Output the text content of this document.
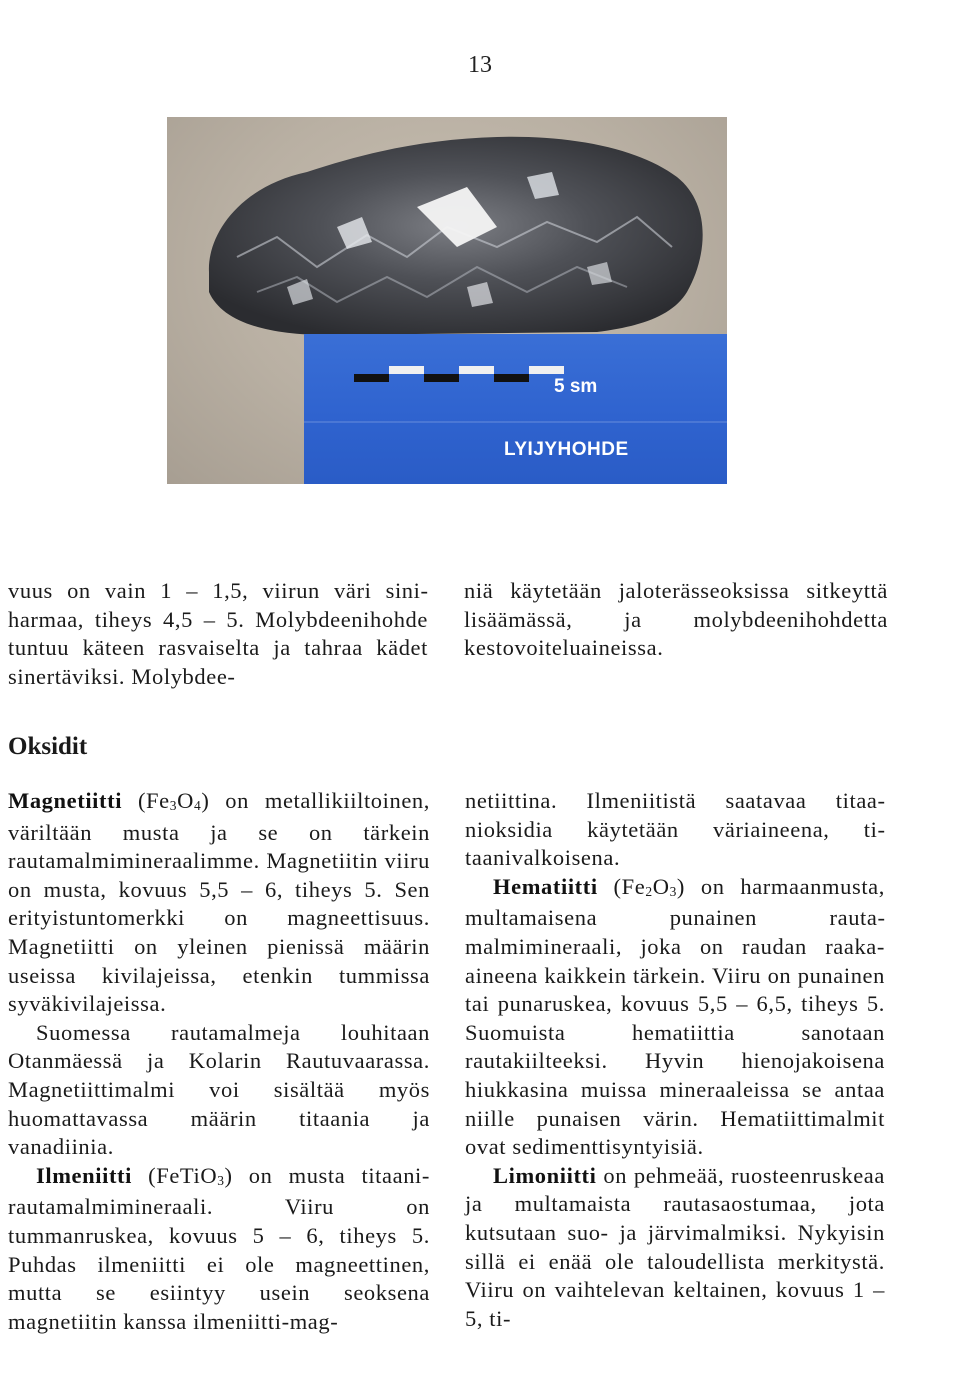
13
5 sm
LYIJYHOHDE

vuus on vain 1 – 1,5, viirun väri siniharmaa, tiheys 4,5 – 5. Molybdeenihohde tuntuu käteen rasvaiselta ja tahraa kädet sinertäviksi. Molybdee-

niä käytetään jaloterässeoksissa sitkeyttä lisäämässä, ja molybdeenihohdetta kestovoiteluaineissa.

Oksidit

Magnetiitti $(Fe_3O_4)$ on metallikiiltoinen, väriltään musta ja se on tärkein rautamalmimineraalimme. Magnetiitin viiru on musta, kovuus 5,5 – 6, tiheys 5. Sen erityistuntomerkki on magneettisuus. Magnetiitti on yleinen pienissä määrin useissa kivilajeissa, etenkin tummissa syväkivilajeissa.

Suomessa rautamalmeja louhitaan Otanmäessä ja Kolarin Rautuvaarassa. Magnetiittimalmi voi sisältää myös huomattavassa määrin titaania ja vanadiinia.

Ilmeniitti (FeTiO$_3$) on musta titaani-rautamalmimineraali. Viiru on tummanruskea, kovuus 5 – 6, tiheys 5. Puhdas ilmeniitti ei ole magneettinen, mutta se esiintyy usein seoksena magnetiitin kanssa ilmeniitti-mag-

netiittina. Ilmeniitistä saatavaa titaanioksidia käytetään väriaineena, titaanivalkoisena.

Hematiitti $(Fe_2O_3)$ on harmaanmusta, multamaisena punainen rautamalmimineraali, joka on raudan raaka-aineena kaikkein tärkein. Viiru on punainen tai punaruskea, kovuus 5,5 – 6,5, tiheys 5. Suomuista hematiittia sanotaan rautakiilteeksi. Hyvin hienojakoisena hiukkasina muissa mineraaleissa se antaa niille punaisen värin. Hematiittimalmit ovat sedimenttisyntyisiä.

Limoniitti on pehmeää, ruosteenruskeaa ja multamaista rautasaostumaa, jota kutsutaan suo- ja järvimalmiksi. Nykyisin sillä ei enää ole taloudellista merkitystä. Viiru on vaihtelevan keltainen, kovuus 1 – 5, ti-
